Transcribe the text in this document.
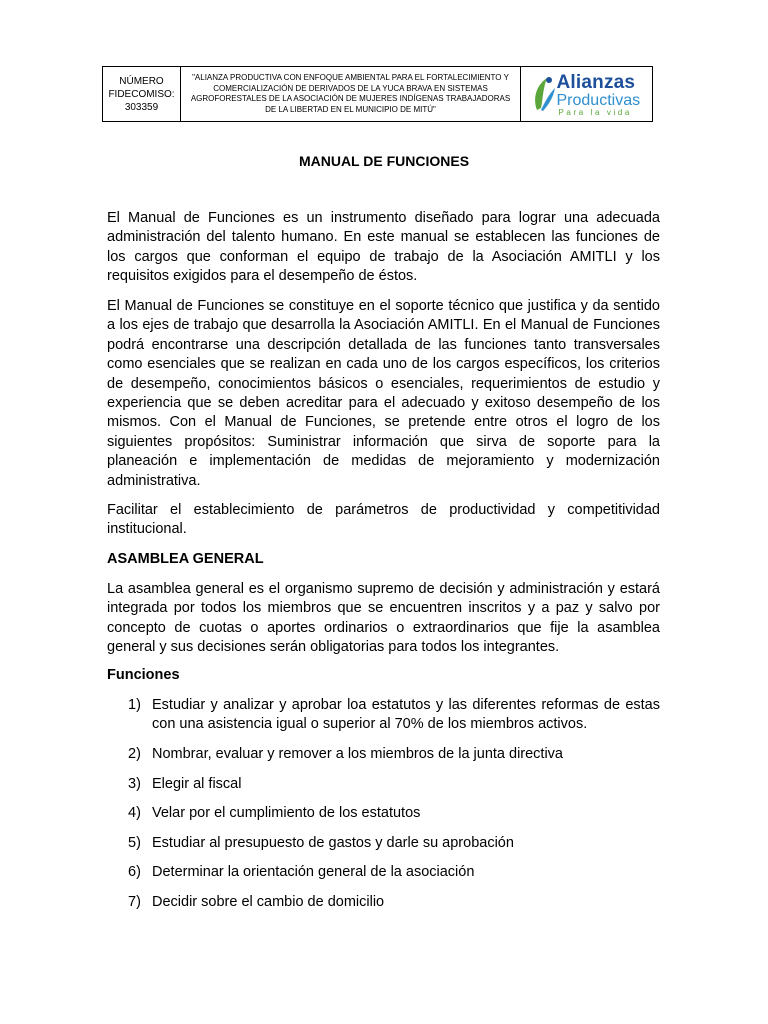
NÚMERO
FIDECOMISO:
303359
"ALIANZA PRODUCTIVA CON ENFOQUE AMBIENTAL PARA EL FORTALECIMIENTO Y COMERCIALIZACIÓN DE DERIVADOS DE LA YUCA BRAVA EN SISTEMAS AGROFORESTALES DE LA ASOCIACIÓN DE MUJERES INDÍGENAS TRABAJADORAS DE LA LIBERTAD EN EL MUNICIPIO DE MITÚ"
Alianzas
Productivas
Para la vida
MANUAL DE FUNCIONES

El Manual de Funciones es un instrumento diseñado para lograr una adecuada administración del talento humano. En este manual se establecen las funciones de los cargos que conforman el equipo de trabajo de la Asociación AMITLI y los requisitos exigidos para el desempeño de éstos.

El Manual de Funciones se constituye en el soporte técnico que justifica y da sentido a los ejes de trabajo que desarrolla la Asociación AMITLI. En el Manual de Funciones podrá encontrarse una descripción detallada de las funciones tanto transversales como esenciales que se realizan en cada uno de los cargos específicos, los criterios de desempeño, conocimientos básicos o esenciales, requerimientos de estudio y experiencia que se deben acreditar para el adecuado y exitoso desempeño de los mismos. Con el Manual de Funciones, se pretende entre otros el logro de los siguientes propósitos: Suministrar información que sirva de soporte para la planeación e implementación de medidas de mejoramiento y modernización administrativa.

Facilitar el establecimiento de parámetros de productividad y competitividad institucional.

ASAMBLEA GENERAL

La asamblea general es el organismo supremo de decisión y administración y estará integrada por todos los miembros que se encuentren inscritos y a paz y salvo por concepto de cuotas o aportes ordinarios o extraordinarios que fije la asamblea general y sus decisiones serán obligatorias para todos los integrantes.

Funciones

1) Estudiar y analizar y aprobar loa estatutos y las diferentes reformas de estas con una asistencia igual o superior al 70% de los miembros activos.
2) Nombrar, evaluar y remover a los miembros de la junta directiva
3) Elegir al fiscal
4) Velar por el cumplimiento de los estatutos
5) Estudiar al presupuesto de gastos y darle su aprobación
6) Determinar la orientación general de la asociación
7) Decidir sobre el cambio de domicilio
